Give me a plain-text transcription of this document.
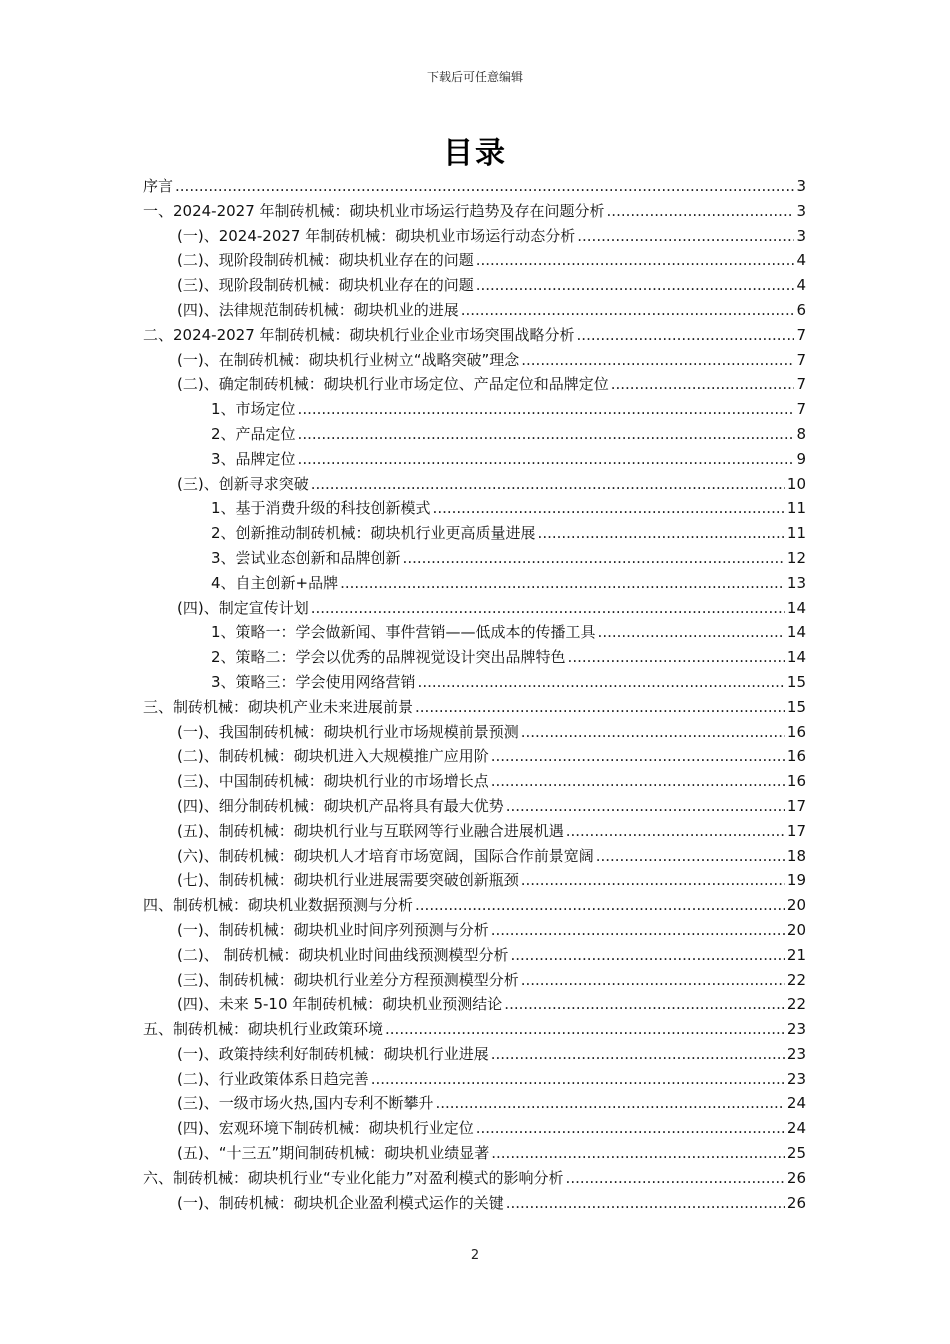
下载后可任意编辑
目录
序言 .....	3
一、2024-2027 年制砖机械：砌块机业市场运行趋势及存在问题分析 .....	3
(一)、2024-2027 年制砖机械：砌块机业市场运行动态分析 .....	3
(二)、现阶段制砖机械：砌块机业存在的问题 .....	4
(三)、现阶段制砖机械：砌块机业存在的问题 .....	4
(四)、法律规范制砖机械：砌块机业的进展 .....	6
二、2024-2027 年制砖机械：砌块机行业企业市场突围战略分析 .....	7
(一)、在制砖机械：砌块机行业树立“战略突破”理念 .....	7
(二)、确定制砖机械：砌块机行业市场定位、产品定位和品牌定位 .....	7
1、市场定位 .....	7
2、产品定位 .....	8
3、品牌定位 .....	9
(三)、创新寻求突破 .....	10
1、基于消费升级的科技创新模式 .....	11
2、创新推动制砖机械：砌块机行业更高质量进展 .....	11
3、尝试业态创新和品牌创新 .....	12
4、自主创新+品牌 .....	13
(四)、制定宣传计划 .....	14
1、策略一：学会做新闻、事件营销——低成本的传播工具 .....	14
2、策略二：学会以优秀的品牌视觉设计突出品牌特色 .....	14
3、策略三：学会使用网络营销 .....	15
三、制砖机械：砌块机产业未来进展前景 .....	15
(一)、我国制砖机械：砌块机行业市场规模前景预测 .....	16
(二)、制砖机械：砌块机进入大规模推广应用阶 .....	16
(三)、中国制砖机械：砌块机行业的市场增长点 .....	16
(四)、细分制砖机械：砌块机产品将具有最大优势 .....	17
(五)、制砖机械：砌块机行业与互联网等行业融合进展机遇 .....	17
(六)、制砖机械：砌块机人才培育市场宽阔，国际合作前景宽阔 .....	18
(七)、制砖机械：砌块机行业进展需要突破创新瓶颈 .....	19
四、制砖机械：砌块机业数据预测与分析 .....	20
(一)、制砖机械：砌块机业时间序列预测与分析 .....	20
(二)、 制砖机械：砌块机业时间曲线预测模型分析 .....	21
(三)、制砖机械：砌块机行业差分方程预测模型分析 .....	22
(四)、未来 5-10 年制砖机械：砌块机业预测结论 .....	22
五、制砖机械：砌块机行业政策环境 .....	23
(一)、政策持续利好制砖机械：砌块机行业进展 .....	23
(二)、行业政策体系日趋完善 .....	23
(三)、一级市场火热,国内专利不断攀升 .....	24
(四)、宏观环境下制砖机械：砌块机行业定位 .....	24
(五)、“十三五”期间制砖机械：砌块机业绩显著 .....	25
六、制砖机械：砌块机行业“专业化能力”对盈利模式的影响分析 .....	26
(一)、制砖机械：砌块机企业盈利模式运作的关键 .....	26
2
